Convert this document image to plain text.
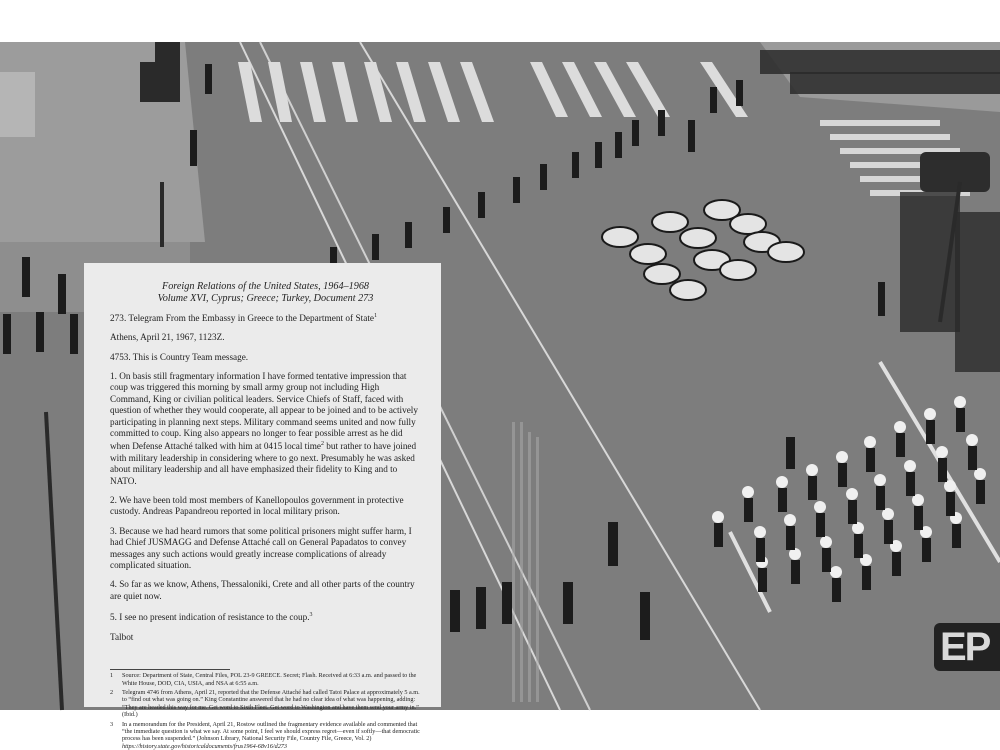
Foreign Relations of the United States, 1964–1968
Volume XVI, Cyprus; Greece; Turkey, Document 273
273. Telegram From the Embassy in Greece to the Department of State$^1$
Athens, April 21, 1967, 1123Z.
4753. This is Country Team message.
1. On basis still fragmentary information I have formed tentative impression that coup was triggered this morning by small army group not including High Command, King or civilian political leaders. Service Chiefs of Staff, faced with question of whether they would cooperate, all appear to be joined and to be actively participating in planning next steps. Military command seems united and now fully committed to coup. King also appears no longer to fear possible arrest as he did when Defense Attaché talked with him at 0415 local time$^2$ but rather to have joined with military leadership in considering where to go next. Presumably he was asked about military leadership and all have emphasized their fidelity to King and to NATO.
2. We have been told most members of Kanellopoulos government in protective custody. Andreas Papandreou reported in local military prison.
3. Because we had heard rumors that some political prisoners might suffer harm, I had Chief JUSMAGG and Defense Attaché call on General Papadatos to convey messages any such actions would greatly increase complications of already complicated situation.
4. So far as we know, Athens, Thessaloniki, Crete and all other parts of the country are quiet now.
5. I see no present indication of resistance to the coup.$^3$
Talbot
1	Source: Department of State, Central Files, POL 23-9 GREECE. Secret; Flash. Received at 6:33 a.m. and passed to the White House, DOD, CIA, USIA, and NSA at 6:55 a.m.
2	Telegram 4746 from Athens, April 21, reported that the Defense Attaché had called Tatoi Palace at approximately 5 a.m. to “find out what was going on.” King Constantine answered that he had no clear idea of what was happening, adding: “They are headed this way for me. Get word to Sixth Fleet. Get word to Washington and have them send your army in.” (Ibid.)
3	In a memorandum for the President, April 21, Rostow outlined the fragmentary evidence available and commented that “the immediate question is what we say. At some point, I feel we should express regret—even if softly—that democratic process has been suspended.” (Johnson Library, National Security File, Country File, Greece, Vol. 2) https://history.state.gov/historicaldocuments/frus1964-68v16/d273
EP
